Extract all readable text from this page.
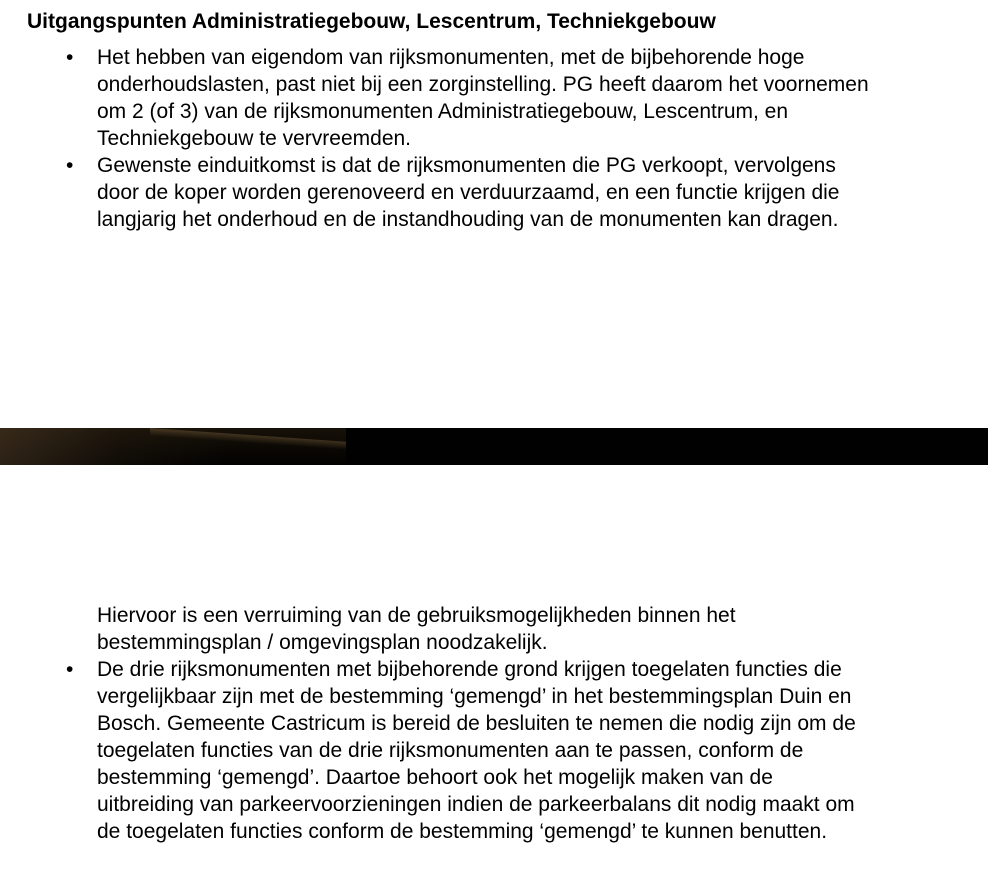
Uitgangspunten Administratiegebouw, Lescentrum, Techniekgebouw
• Het hebben van eigendom van rijksmonumenten, met de bijbehorende hoge onderhoudslasten, past niet bij een zorginstelling. PG heeft daarom het voornemen om 2 (of 3) van de rijksmonumenten Administratiegebouw, Lescentrum, en Techniekgebouw te vervreemden.
• Gewenste einduitkomst is dat de rijksmonumenten die PG verkoopt, vervolgens door de koper worden gerenoveerd en verduurzaamd, en een functie krijgen die langjarig het onderhoud en de instandhouding van de monumenten kan dragen.

Hiervoor is een verruiming van de gebruiksmogelijkheden binnen het bestemmingsplan / omgevingsplan noodzakelijk.

• De drie rijksmonumenten met bijbehorende grond krijgen toegelaten functies die vergelijkbaar zijn met de bestemming ‘gemengd’ in het bestemmingsplan Duin en Bosch. Gemeente Castricum is bereid de besluiten te nemen die nodig zijn om de toegelaten functies van de drie rijksmonumenten aan te passen, conform de bestemming ‘gemengd’. Daartoe behoort ook het mogelijk maken van de uitbreiding van parkeervoorzieningen indien de parkeerbalans dit nodig maakt om de toegelaten functies conform de bestemming ‘gemengd’ te kunnen benutten.
